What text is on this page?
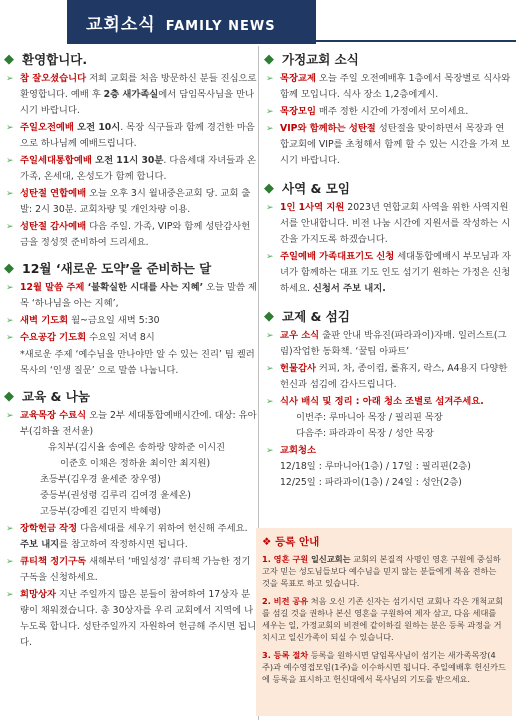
교회소식 FAMILY NEWS
◆ 환영합니다.
➢ 참 잘오셨습니다 저희 교회를 처음 방문하신 분들 진심으로 환영합니다. 예배 후 2층 새가족실에서 담임목사님을 만나시기 바랍니다.
➢ 주일오전예배 오전 10시. 목장 식구들과 함께 경건한 마음으로 하나님께 예배드립니다.
➢ 주일세대통합예배 오전 11시 30분. 다음세대 자녀들과 온가족, 온세대, 온성도가 함께 합니다.
➢ 성탄절 연합예배 오늘 오후 3시 월내중은교회 당. 교회 출발: 2시 30분. 교회차량 및 개인차량 이용.
➢ 성탄절 감사예배 다음 주일. 가족, VIP와 함께 성탄감사헌금을 정성껏 준비하여 드리세요.
◆ 12월 ‘새로운 도약’을 준비하는 달
➢ 12월 말씀 주제 ‘불확실한 시대를 사는 지혜’ 오늘 말씀 제목 ‘하나님을 아는 지혜’,
➢ 새벽 기도회 월~금요일 새벽 5:30
➢ 수요공감 기도회 수요일 저녁 8시
*새로운 주제 ‘예수님을 만나야만 알 수 있는 진리’ 팀 켈러 목사의 ‘인생 질문’ 으로 말씀 나눕니다.
◆ 교육 & 나눔
➢ 교육목장 수료식 오늘 2부 세대통합예배시간에. 대상: 유아부(김하율 전서윤)
유치부(김시율 송예은 송하랑 양하준 이시진
이준호 이채은 정하윤 최이안 최지원)
초등부(김우경 윤세준 장우영)
중등부(권성령 김루리 김여경 윤세온)
고등부(강예진 김민지 박혜령)
➢ 장학헌금 작정 다음세대를 세우기 위하여 헌신해 주세요. 주보 내지를 참고하여 작정하시면 됩니다.
➢ 큐티책 정기구독 새해부터 ‘매일성경’ 큐티책 가능한 정기구독을 신청하세요.
➢ 희망상자 지난 주일까지 많은 분들이 참여하여 17상자 분량이 채워졌습니다. 총 30상자를 우리 교회에서 지역에 나누도록 합니다. 성탄주일까지 자원하여 헌금해 주시면 됩니다.
◆ 가정교회 소식
➢ 목장교제 오늘 주일 오전예배후 1층에서 목장별로 식사와 함께 모입니다. 식사 장소 1,2층에게시.
➢ 목장모임 매주 정한 시간에 가정에서 모이세요.
➢ VIP와 함께하는 성탄절 성탄절을 맞이하면서 목장과 연합교회에 VIP를 초청해서 함께 할 수 있는 시간을 가져 보시기 바랍니다.
◆ 사역 & 모임
➢ 1인 1사역 지원 2023년 연합교회 사역을 위한 사역지원서를 안내합니다. 비전 나눔 시간에 지원서를 작성하는 시간을 가지도록 하겠습니다.
➢ 주일예배 가족대표기도 신청 세대통합예배시 부모님과 자녀가 함께하는 대표 기도 인도 섬기기 원하는 가정은 신청하세요. 신청서 주보 내지.
◆ 교제 & 섬김
➢ 교우 소식 출판 안내 박유진(파라과이)자매. 일러스트(그림)작업한 동화책. ‘꿀팁 아파트’
➢ 헌물감사 커피, 차, 종이컵, 롤휴지, 락스, A4용지 다양한 헌신과 섬김에 감사드립니다.
➢ 식사 배식 및 정리 : 아래 청소 조별로 섬겨주세요.
이번주: 루마니아 목장 / 필리핀 목장
다음주: 파라과이 목장 / 성안 목장
➢ 교회청소
12/18일 : 루마니아(1층) / 17일 : 필리핀(2층)
12/25일 : 파라과이(1층) / 24일 : 성안(2층)
❖ 등록 안내

1. 영혼 구원 일신교회는 교회의 본질적 사명인 영혼 구원에 중심하고자 믿는 성도님들보다 예수님을 믿지 않는 분들에게 복음 전하는 것을 목표로 하고 있습니다.

2. 비전 공유 처음 오신 기존 신자는 섬기시던 교회나 각은 개척교회를 섬길 것을 권하나 본신 영혼을 구원하여 제자 삼고, 다음 세대를 세우는 일, 가정교회의 비전에 같이하길 원하는 분은 등록 과정을 거치시고 일신가족이 되실 수 있습니다.

3. 등록 절차 등록을 원하시면 담임목사님이 섬기는 새가족목장(4주)과 예수영접모임(1주)을 이수하시면 됩니다. 주일예배후 헌신카드에 등록을 표시하고 헌신대에서 목사님의 기도를 받으세요.
